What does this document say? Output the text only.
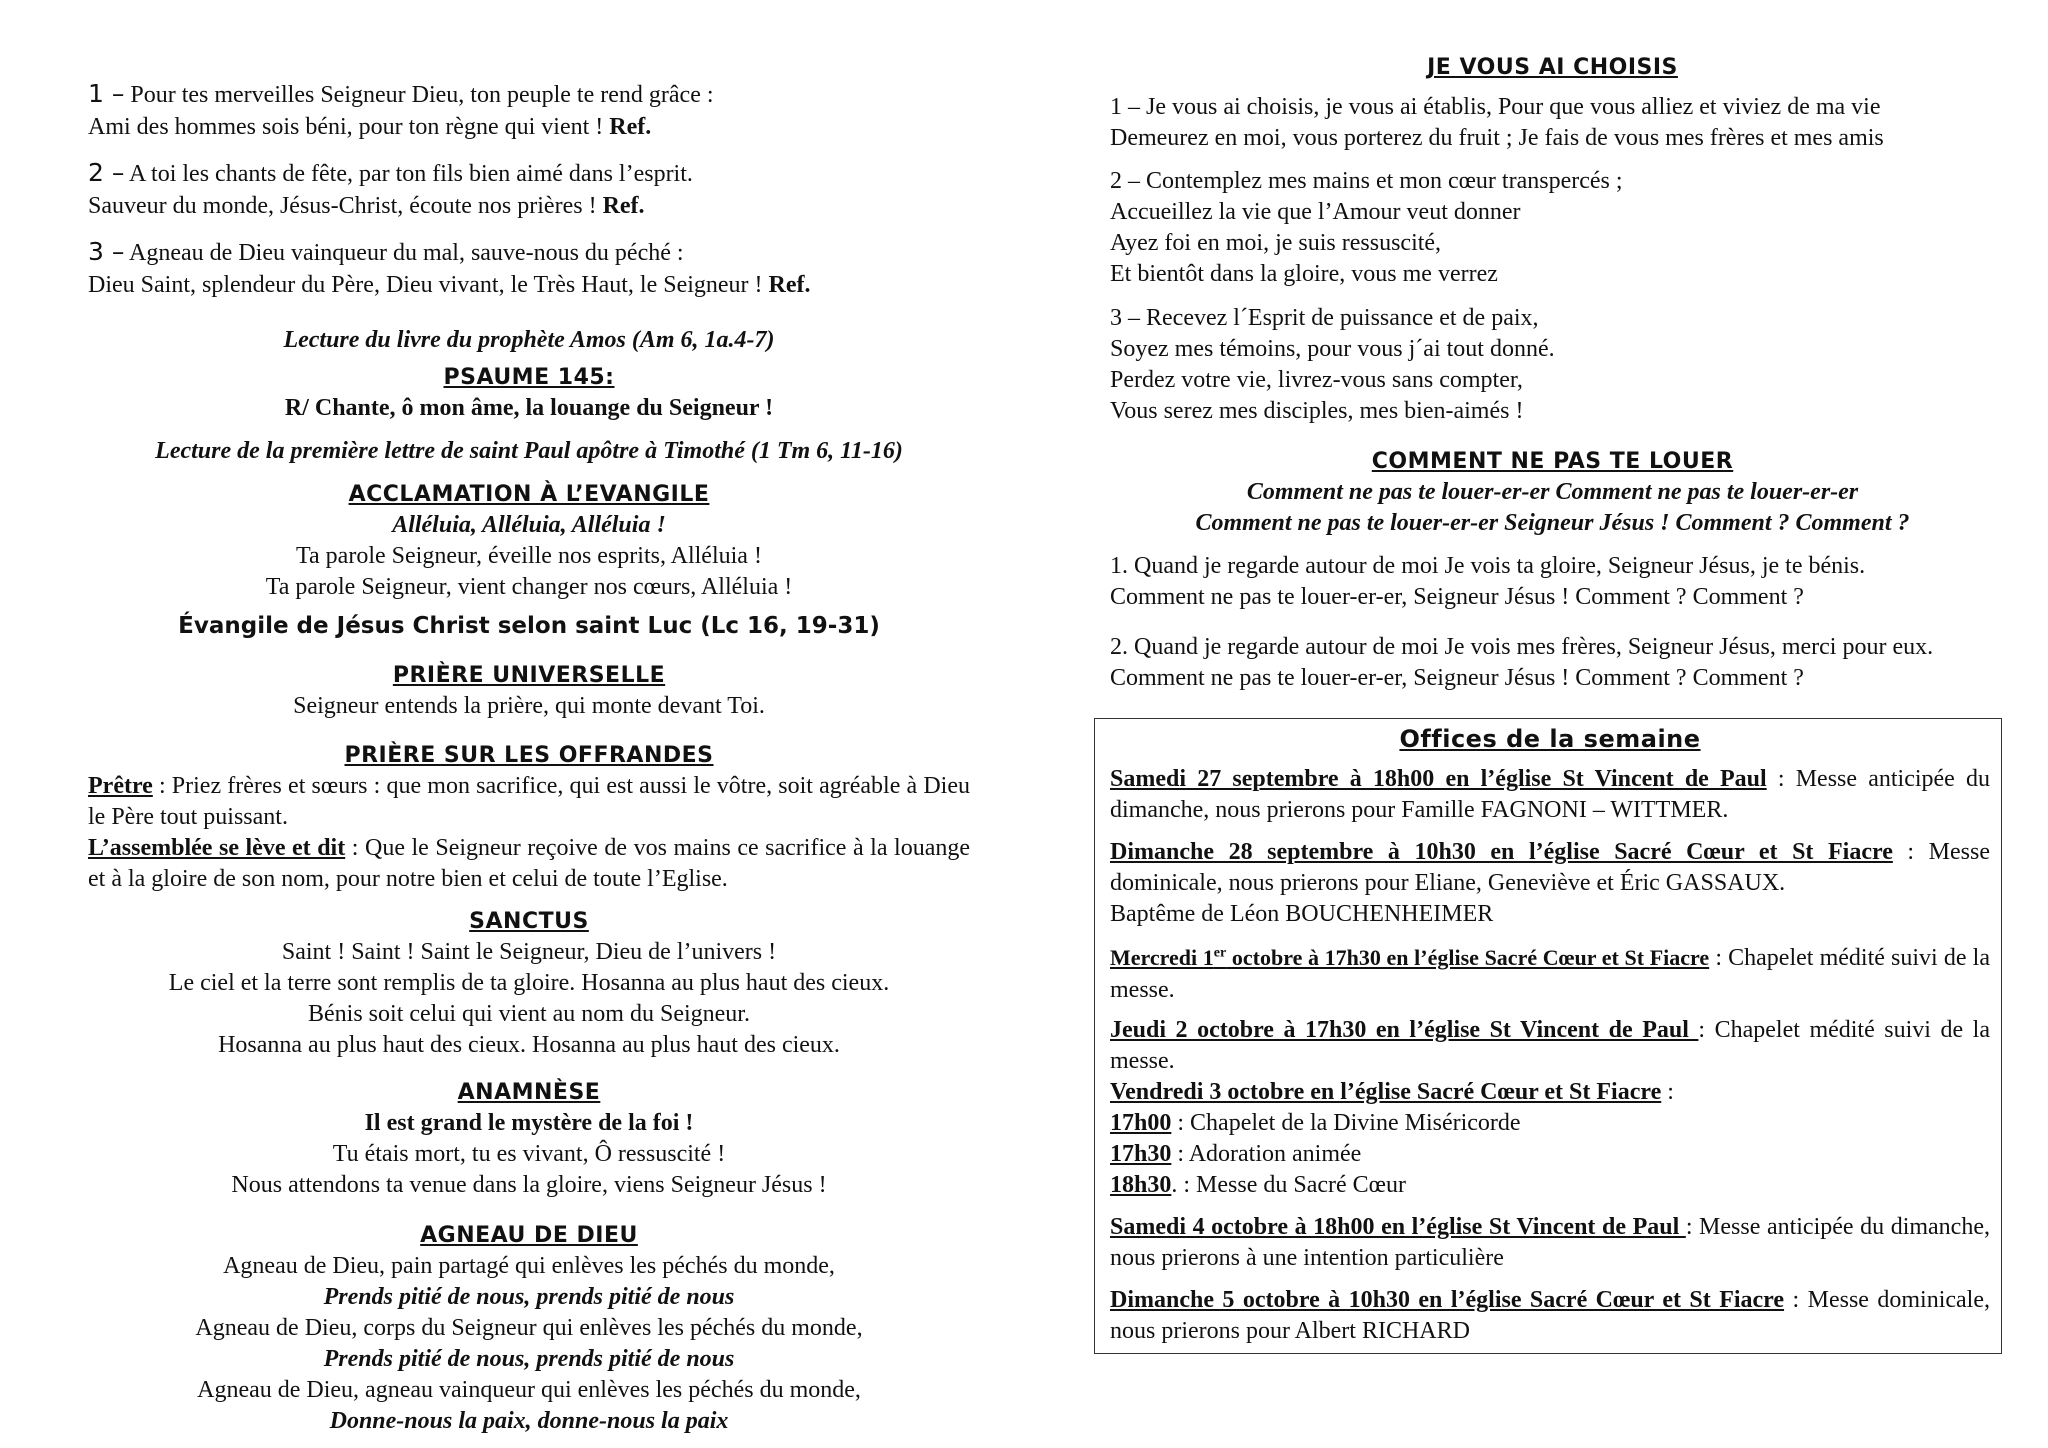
1 – Pour tes merveilles Seigneur Dieu, ton peuple te rend grâce :
Ami des hommes sois béni, pour ton règne qui vient ! Ref.

2 – A toi les chants de fête, par ton fils bien aimé dans l’esprit.
Sauveur du monde, Jésus-Christ, écoute nos prières ! Ref.

3 – Agneau de Dieu vainqueur du mal, sauve-nous du péché :
Dieu Saint, splendeur du Père, Dieu vivant, le Très Haut, le Seigneur ! Ref.

Lecture du livre du prophète Amos (Am 6, 1a.4-7)
PSAUME 145:
R/ Chante, ô mon âme, la louange du Seigneur !
Lecture de la première lettre de saint Paul apôtre à Timothé (1 Tm 6, 11-16)
ACCLAMATION À L’EVANGILE
Alléluia, Alléluia, Alléluia !
Ta parole Seigneur, éveille nos esprits, Alléluia !
Ta parole Seigneur, vient changer nos cœurs, Alléluia !
Évangile de Jésus Christ selon saint Luc (Lc 16, 19-31)
PRIÈRE UNIVERSELLE
Seigneur entends la prière, qui monte devant Toi.
PRIÈRE SUR LES OFFRANDES

Prêtre : Priez frères et sœurs : que mon sacrifice, qui est aussi le vôtre, soit agréable à Dieu le Père tout puissant.

L’assemblée se lève et dit : Que le Seigneur reçoive de vos mains ce sacrifice à la louange et à la gloire de son nom, pour notre bien et celui de toute l’Eglise.

SANCTUS
Saint ! Saint ! Saint le Seigneur, Dieu de l’univers !
Le ciel et la terre sont remplis de ta gloire. Hosanna au plus haut des cieux.
Bénis soit celui qui vient au nom du Seigneur.
Hosanna au plus haut des cieux. Hosanna au plus haut des cieux.
ANAMNÈSE
Il est grand le mystère de la foi !
Tu étais mort, tu es vivant, Ô ressuscité !
Nous attendons ta venue dans la gloire, viens Seigneur Jésus !
AGNEAU DE DIEU
Agneau de Dieu, pain partagé qui enlèves les péchés du monde,
Prends pitié de nous, prends pitié de nous
Agneau de Dieu, corps du Seigneur qui enlèves les péchés du monde,
Prends pitié de nous, prends pitié de nous
Agneau de Dieu, agneau vainqueur qui enlèves les péchés du monde,
Donne-nous la paix, donne-nous la paix
JE VOUS AI CHOISIS
1 – Je vous ai choisis, je vous ai établis, Pour que vous alliez et viviez de ma vie
Demeurez en moi, vous porterez du fruit ; Je fais de vous mes frères et mes amis
2 – Contemplez mes mains et mon cœur transpercés ;
Accueillez la vie que l’Amour veut donner
Ayez foi en moi, je suis ressuscité,
Et bientôt dans la gloire, vous me verrez
3 – Recevez l´Esprit de puissance et de paix,
Soyez mes témoins, pour vous j´ai tout donné.
Perdez votre vie, livrez-vous sans compter,
Vous serez mes disciples, mes bien-aimés !
COMMENT NE PAS TE LOUER
Comment ne pas te louer-er-er Comment ne pas te louer-er-er
Comment ne pas te louer-er-er Seigneur Jésus ! Comment ? Comment ?
1. Quand je regarde autour de moi Je vois ta gloire, Seigneur Jésus, je te bénis.
Comment ne pas te louer-er-er, Seigneur Jésus ! Comment ? Comment ?
2. Quand je regarde autour de moi Je vois mes frères, Seigneur Jésus, merci pour eux.
Comment ne pas te louer-er-er, Seigneur Jésus ! Comment ? Comment ?
Offices de la semaine

Samedi 27 septembre à 18h00 en l’église St Vincent de Paul : Messe anticipée du dimanche, nous prierons pour Famille FAGNONI – WITTMER.

Dimanche 28 septembre à 10h30 en l’église Sacré Cœur et St Fiacre : Messe dominicale, nous prierons pour Eliane, Geneviève et Éric GASSAUX.
Baptême de Léon BOUCHENHEIMER

Mercredi 1er octobre à 17h30 en l’église Sacré Cœur et St Fiacre : Chapelet médité suivi de la messe.

Jeudi 2 octobre à 17h30 en l’église St Vincent de Paul : Chapelet médité suivi de la messe.
Vendredi 3 octobre en l’église Sacré Cœur et St Fiacre :
17h00 : Chapelet de la Divine Miséricorde
17h30 : Adoration animée
18h30. : Messe du Sacré Cœur

Samedi 4 octobre à 18h00 en l’église St Vincent de Paul : Messe anticipée du dimanche, nous prierons à une intention particulière

Dimanche 5 octobre à 10h30 en l’église Sacré Cœur et St Fiacre : Messe dominicale, nous prierons pour Albert RICHARD
